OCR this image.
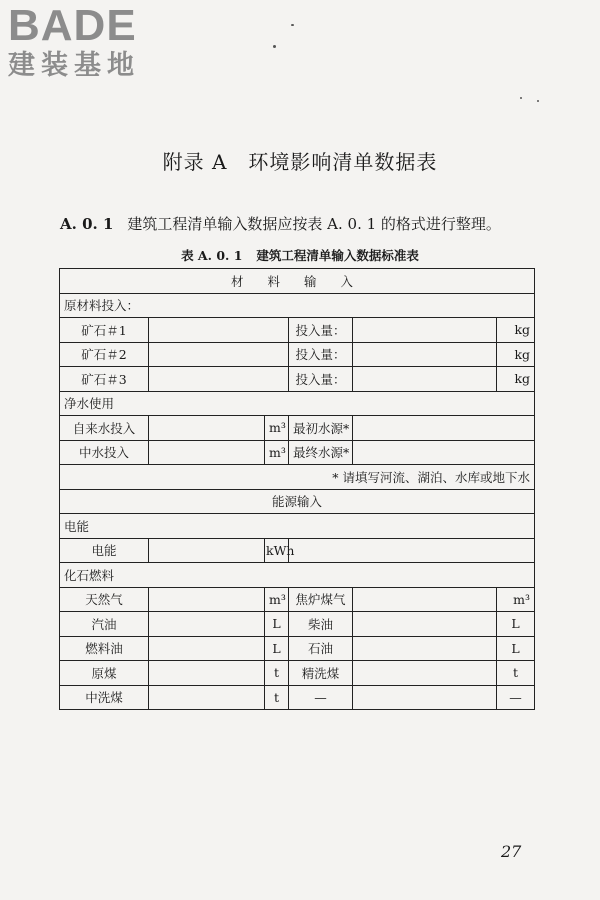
BADE
建装基地
附录 A　环境影响清单数据表
A. 0. 1 建筑工程清单输入数据应按表 A. 0. 1 的格式进行整理。
表 A. 0. 1 建筑工程清单输入数据标准表
材 料 输 入					
原材料投入：					
矿石＃1			投入量：		kg
矿石＃2			投入量：		kg
矿石＃3			投入量：		kg
净水使用					
自来水投入		m³	最初水源*		
中水投入		m³	最终水源*		
* 请填写河流、湖泊、水库或地下水					
能源输入					
电能					
电能		kWh			
化石燃料					
天然气		m³	焦炉煤气		m³
汽油		L	柴油		L
燃料油		L	石油		L
原煤		t	精洗煤		t
中洗煤		t	—		—
27
